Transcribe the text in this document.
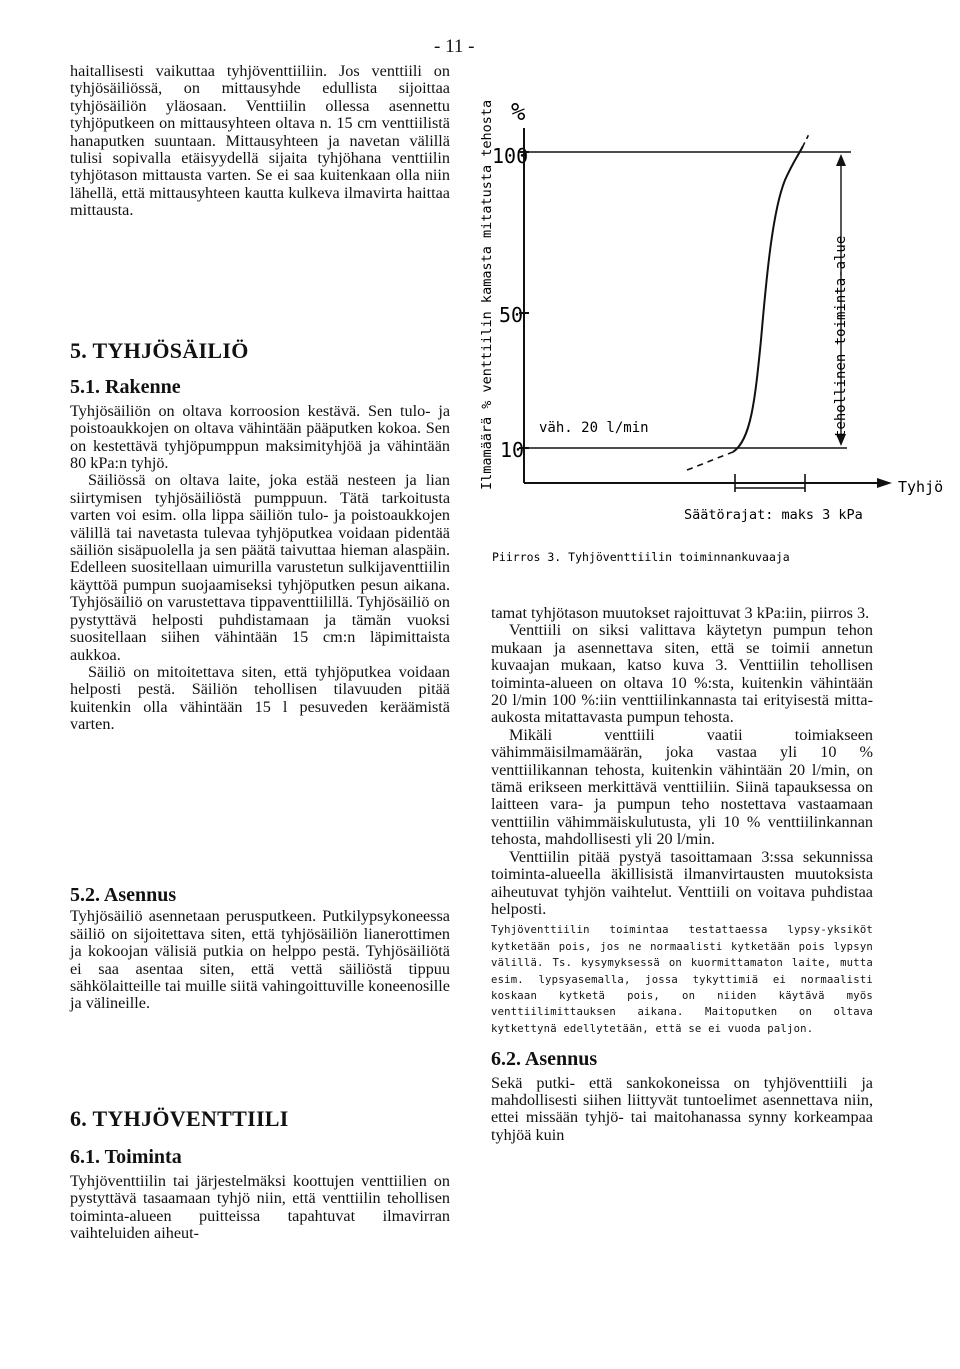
- 11 -

haitallisesti vaikuttaa tyhjöventtiiliin. Jos venttiili on tyhjösäiliössä, on mittausyhde edullista sijoittaa tyhjösäiliön yläosaan. Venttiilin ollessa asennettu tyhjöputkeen on mittausyhteen oltava n. 15 cm venttiilistä hanaputken suuntaan. Mittausyhteen ja navetan välillä tulisi sopivalla etäisyydellä sijaita tyhjöhana venttiilin tyhjötason mittausta varten. Se ei saa kuitenkaan olla niin lähellä, että mittausyhteen kautta kulkeva ilmavirta haittaa mittausta.

5. TYHJÖSÄILIÖ
5.1. Rakenne

Tyhjösäiliön on oltava korroosion kestävä. Sen tulo- ja poistoaukkojen on oltava vähintään pääputken kokoa. Sen on kestettävä tyhjöpumppun maksimityhjöä ja vähintään 80 kPa:n tyhjö.

Säiliössä on oltava laite, joka estää nesteen ja lian siirtymisen tyhjösäiliöstä pumppuun. Tätä tarkoitusta varten voi esim. olla lippa säiliön tulo- ja poistoaukkojen välillä tai navetasta tulevaa tyhjöputkea voidaan pidentää säiliön sisäpuolella ja sen päätä taivuttaa hieman alaspäin. Edelleen suositellaan uimurilla varustetun sulkijaventtiilin käyttöä pumpun suojaamiseksi tyhjöputken pesun aikana. Tyhjösäiliö on varustettava tippaventtiilillä. Tyhjösäiliö on pystyttävä helposti puhdistamaan ja tämän vuoksi suositellaan siihen vähintään 15 cm:n läpimittaista aukkoa.

Säiliö on mitoitettava siten, että tyhjöputkea voidaan helposti pestä. Säiliön tehollisen tilavuuden pitää kuitenkin olla vähintään 15 l pesuveden keräämistä varten.

5.2. Asennus

Tyhjösäiliö asennetaan perusputkeen. Putkilypsykoneessa säiliö on sijoitettava siten, että tyhjösäiliön lianerottimen ja kokoojan välisiä putkia on helppo pestä. Tyhjösäiliötä ei saa asentaa siten, että vettä säiliöstä tippuu sähkölaitteille tai muille siitä vahingoittuville koneenosille ja välineille.

6. TYHJÖVENTTIILI
6.1. Toiminta

Tyhjöventtiilin tai järjestelmäksi koottujen venttiilien on pystyttävä tasaamaan tyhjö niin, että venttiilin tehollisen toiminta-alueen puitteissa tapahtuvat ilmavirran vaihteluiden aiheut-

Ilmamäärä % venttiilin kamasta mitatusta tehosta %
100
50
10
Tyhjö
tehollinen toiminta-alue
Säätörajat: maks 3 kPa
väh. 20 l/min
Piirros 3. Tyhjöventtiilin toiminnankuvaaja

tamat tyhjötason muutokset rajoittuvat 3 kPa:iin, piirros 3.

Venttiili on siksi valittava käytetyn pumpun tehon mukaan ja asennettava siten, että se toimii annetun kuvaajan mukaan, katso kuva 3. Venttiilin tehollisen toiminta-alueen on oltava 10 %:sta, kuitenkin vähintään 20 l/min 100 %:iin venttiilinkannasta tai erityisestä mitta-aukosta mitattavasta pumpun tehosta.

Mikäli venttiili vaatii toimiakseen vähimmäisilmamäärän, joka vastaa yli 10 % venttiilikannan tehosta, kuitenkin vähintään 20 l/min, on tämä erikseen merkittävä venttiiliin. Siinä tapauksessa on laitteen vara- ja pumpun teho nostettava vastaamaan venttiilin vähimmäiskulutusta, yli 10 % venttiilinkannan tehosta, mahdollisesti yli 20 l/min.

Venttiilin pitää pystyä tasoittamaan 3:ssa sekunnissa toiminta-alueella äkillisistä ilmanvirtausten muutoksista aiheutuvat tyhjön vaihtelut. Venttiili on voitava puhdistaa helposti.

Tyhjöventtiilin toimintaa testattaessa lypsy-yksiköt kytketään pois, jos ne normaalisti kytketään pois lypsyn välillä. Ts. kysymyksessä on kuormittamaton laite, mutta esim. lypsyasemalla, jossa tykyttimiä ei normaalisti koskaan kytketä pois, on niiden käytävä myös venttiilimittauksen aikana. Maitoputken on oltava kytkettynä edellytetään, että se ei vuoda paljon.

6.2. Asennus

Sekä putki- että sankokoneissa on tyhjöventtiili ja mahdollisesti siihen liittyvät tuntoelimet asennettava niin, ettei missään tyhjö- tai maitohanassa synny korkeampaa tyhjöä kuin
